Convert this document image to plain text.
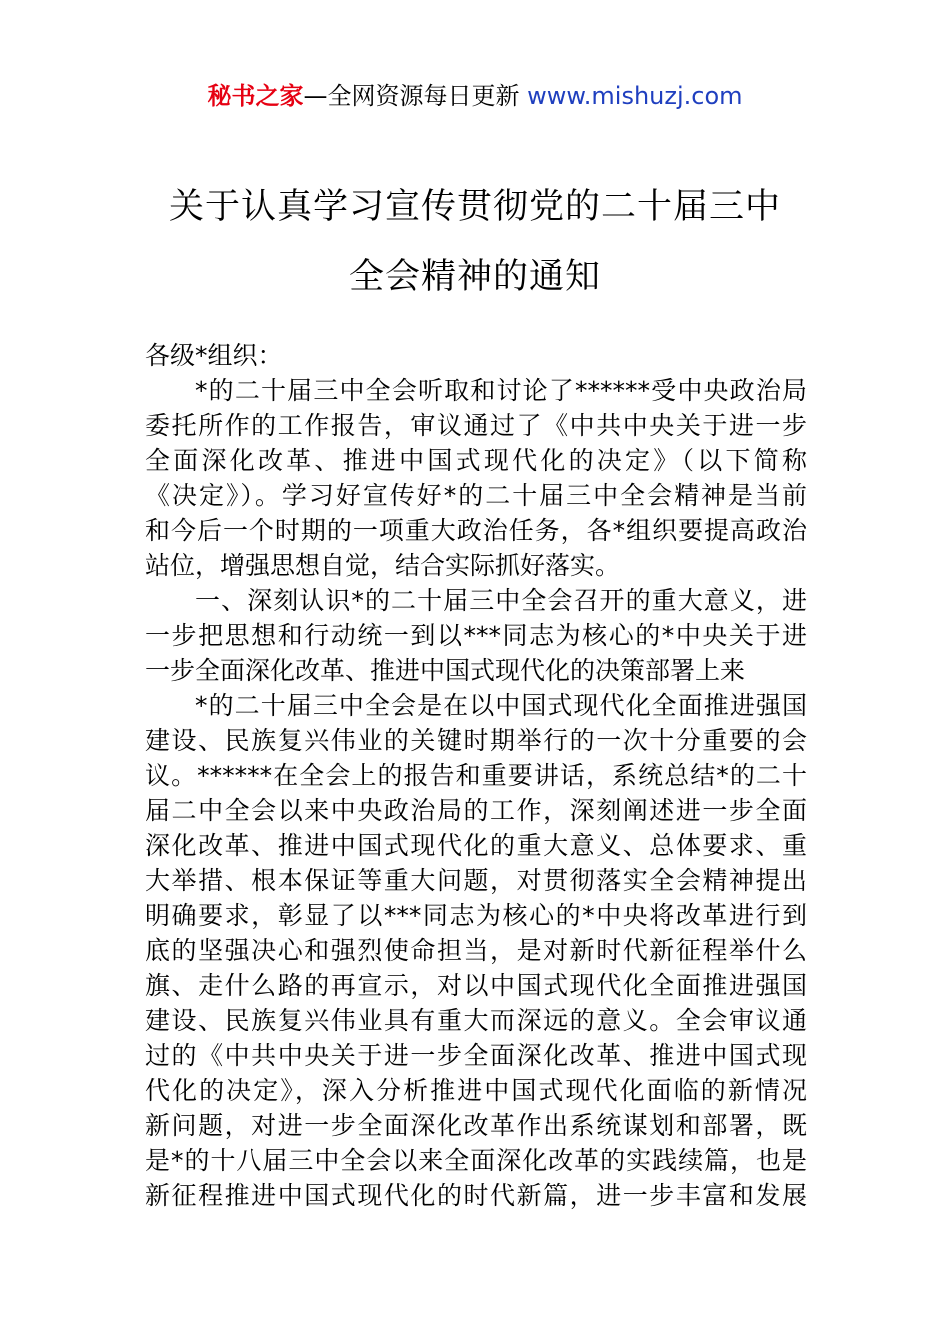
秘书之家—全网资源每日更新 www.mishuzj.com
关于认真学习宣传贯彻党的二十届三中
全会精神的通知
各级*组织：
*的二十届三中全会听取和讨论了******受中央政治局
委托所作的工作报告，审议通过了《中共中央关于进一步
全面深化改革、推进中国式现代化的决定》（以下简称
《决定》）。学习好宣传好*的二十届三中全会精神是当前
和今后一个时期的一项重大政治任务，各*组织要提高政治
站位，增强思想自觉，结合实际抓好落实。
一、深刻认识*的二十届三中全会召开的重大意义，进
一步把思想和行动统一到以***同志为核心的*中央关于进
一步全面深化改革、推进中国式现代化的决策部署上来
*的二十届三中全会是在以中国式现代化全面推进强国
建设、民族复兴伟业的关键时期举行的一次十分重要的会
议。******在全会上的报告和重要讲话，系统总结*的二十
届二中全会以来中央政治局的工作，深刻阐述进一步全面
深化改革、推进中国式现代化的重大意义、总体要求、重
大举措、根本保证等重大问题，对贯彻落实全会精神提出
明确要求，彰显了以***同志为核心的*中央将改革进行到
底的坚强决心和强烈使命担当，是对新时代新征程举什么
旗、走什么路的再宣示，对以中国式现代化全面推进强国
建设、民族复兴伟业具有重大而深远的意义。全会审议通
过的《中共中央关于进一步全面深化改革、推进中国式现
代化的决定》，深入分析推进中国式现代化面临的新情况
新问题，对进一步全面深化改革作出系统谋划和部署，既
是*的十八届三中全会以来全面深化改革的实践续篇，也是
新征程推进中国式现代化的时代新篇，进一步丰富和发展
